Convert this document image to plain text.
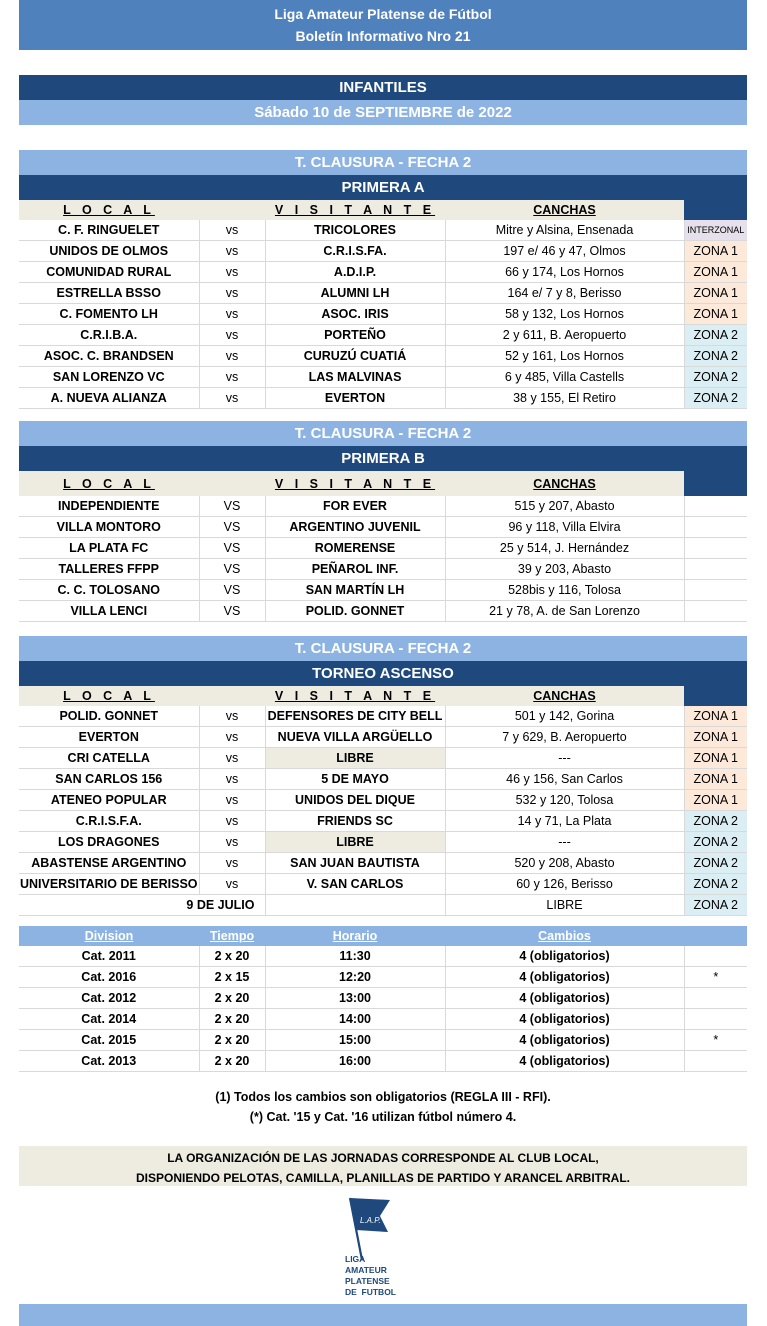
Liga Amateur Platense de Fútbol
Boletín Informativo Nro 21
INFANTILES
Sábado 10 de SEPTIEMBRE de 2022
T. CLAUSURA - FECHA 2
PRIMERA A
L O C A L		V I S I T A N T E	CANCHAS	
C. F. RINGUELET	vs	TRICOLORES	Mitre y Alsina, Ensenada	INTERZONAL
UNIDOS DE OLMOS	vs	C.R.I.S.FA.	197 e/ 46 y 47, Olmos	ZONA 1
COMUNIDAD RURAL	vs	A.D.I.P.	66 y 174, Los Hornos	ZONA 1
ESTRELLA BSSO	vs	ALUMNI LH	164 e/ 7 y 8, Berisso	ZONA 1
C. FOMENTO LH	vs	ASOC. IRIS	58 y 132, Los Hornos	ZONA 1
C.R.I.B.A.	vs	PORTEÑO	2 y 611, B. Aeropuerto	ZONA 2
ASOC. C. BRANDSEN	vs	CURUZÚ CUATIÁ	52 y 161, Los Hornos	ZONA 2
SAN LORENZO VC	vs	LAS MALVINAS	6 y 485, Villa Castells	ZONA 2
A. NUEVA ALIANZA	vs	EVERTON	38 y 155, El Retiro	ZONA 2
T. CLAUSURA - FECHA 2
PRIMERA B
L O C A L		V I S I T A N T E	CANCHAS	
INDEPENDIENTE	VS	FOR EVER	515 y 207, Abasto	
VILLA MONTORO	VS	ARGENTINO JUVENIL	96 y 118, Villa Elvira	
LA PLATA FC	VS	ROMERENSE	25 y 514, J. Hernández	
TALLERES FFPP	VS	PEÑAROL INF.	39 y 203, Abasto	
C. C. TOLOSANO	VS	SAN MARTÍN LH	528bis y 116, Tolosa	
VILLA LENCI	VS	POLID. GONNET	21 y 78, A. de San Lorenzo	
T. CLAUSURA - FECHA 2
TORNEO ASCENSO
L O C A L		V I S I T A N T E	CANCHAS	
POLID. GONNET	vs	DEFENSORES DE CITY BELL	501 y 142, Gorina	ZONA 1
EVERTON	vs	NUEVA VILLA ARGÜELLO	7 y 629, B. Aeropuerto	ZONA 1
CRI CATELLA	vs	LIBRE	---	ZONA 1
SAN CARLOS 156	vs	5 DE MAYO	46 y 156, San Carlos	ZONA 1
ATENEO POPULAR	vs	UNIDOS DEL DIQUE	532 y 120, Tolosa	ZONA 1
C.R.I.S.F.A.	vs	FRIENDS SC	14 y 71, La Plata	ZONA 2
LOS DRAGONES	vs	LIBRE	---	ZONA 2
ABASTENSE ARGENTINO	vs	SAN JUAN BAUTISTA	520 y 208, Abasto	ZONA 2
UNIVERSITARIO DE BERISSO	vs	V. SAN CARLOS	60 y 126, Berisso	ZONA 2
9 DE JULIO			LIBRE	ZONA 2
Division	Tiempo	Horario	Cambios	
Cat. 2011	2 x 20	11:30	4 (obligatorios)	
Cat. 2016	2 x 15	12:20	4 (obligatorios)	*
Cat. 2012	2 x 20	13:00	4 (obligatorios)	
Cat. 2014	2 x 20	14:00	4 (obligatorios)	
Cat. 2015	2 x 20	15:00	4 (obligatorios)	*
Cat. 2013	2 x 20	16:00	4 (obligatorios)	
(1) Todos los cambios son obligatorios (REGLA III - RFI).
(*) Cat. '15 y Cat. '16 utilizan fútbol número 4.
LA ORGANIZACIÓN DE LAS JORNADAS CORRESPONDE AL CLUB LOCAL,
DISPONIENDO PELOTAS, CAMILLA, PLANILLAS DE PARTIDO Y ARANCEL ARBITRAL.
L.A.P.
LIGA
AMATEUR
PLATENSE
DE  FUTBOL
